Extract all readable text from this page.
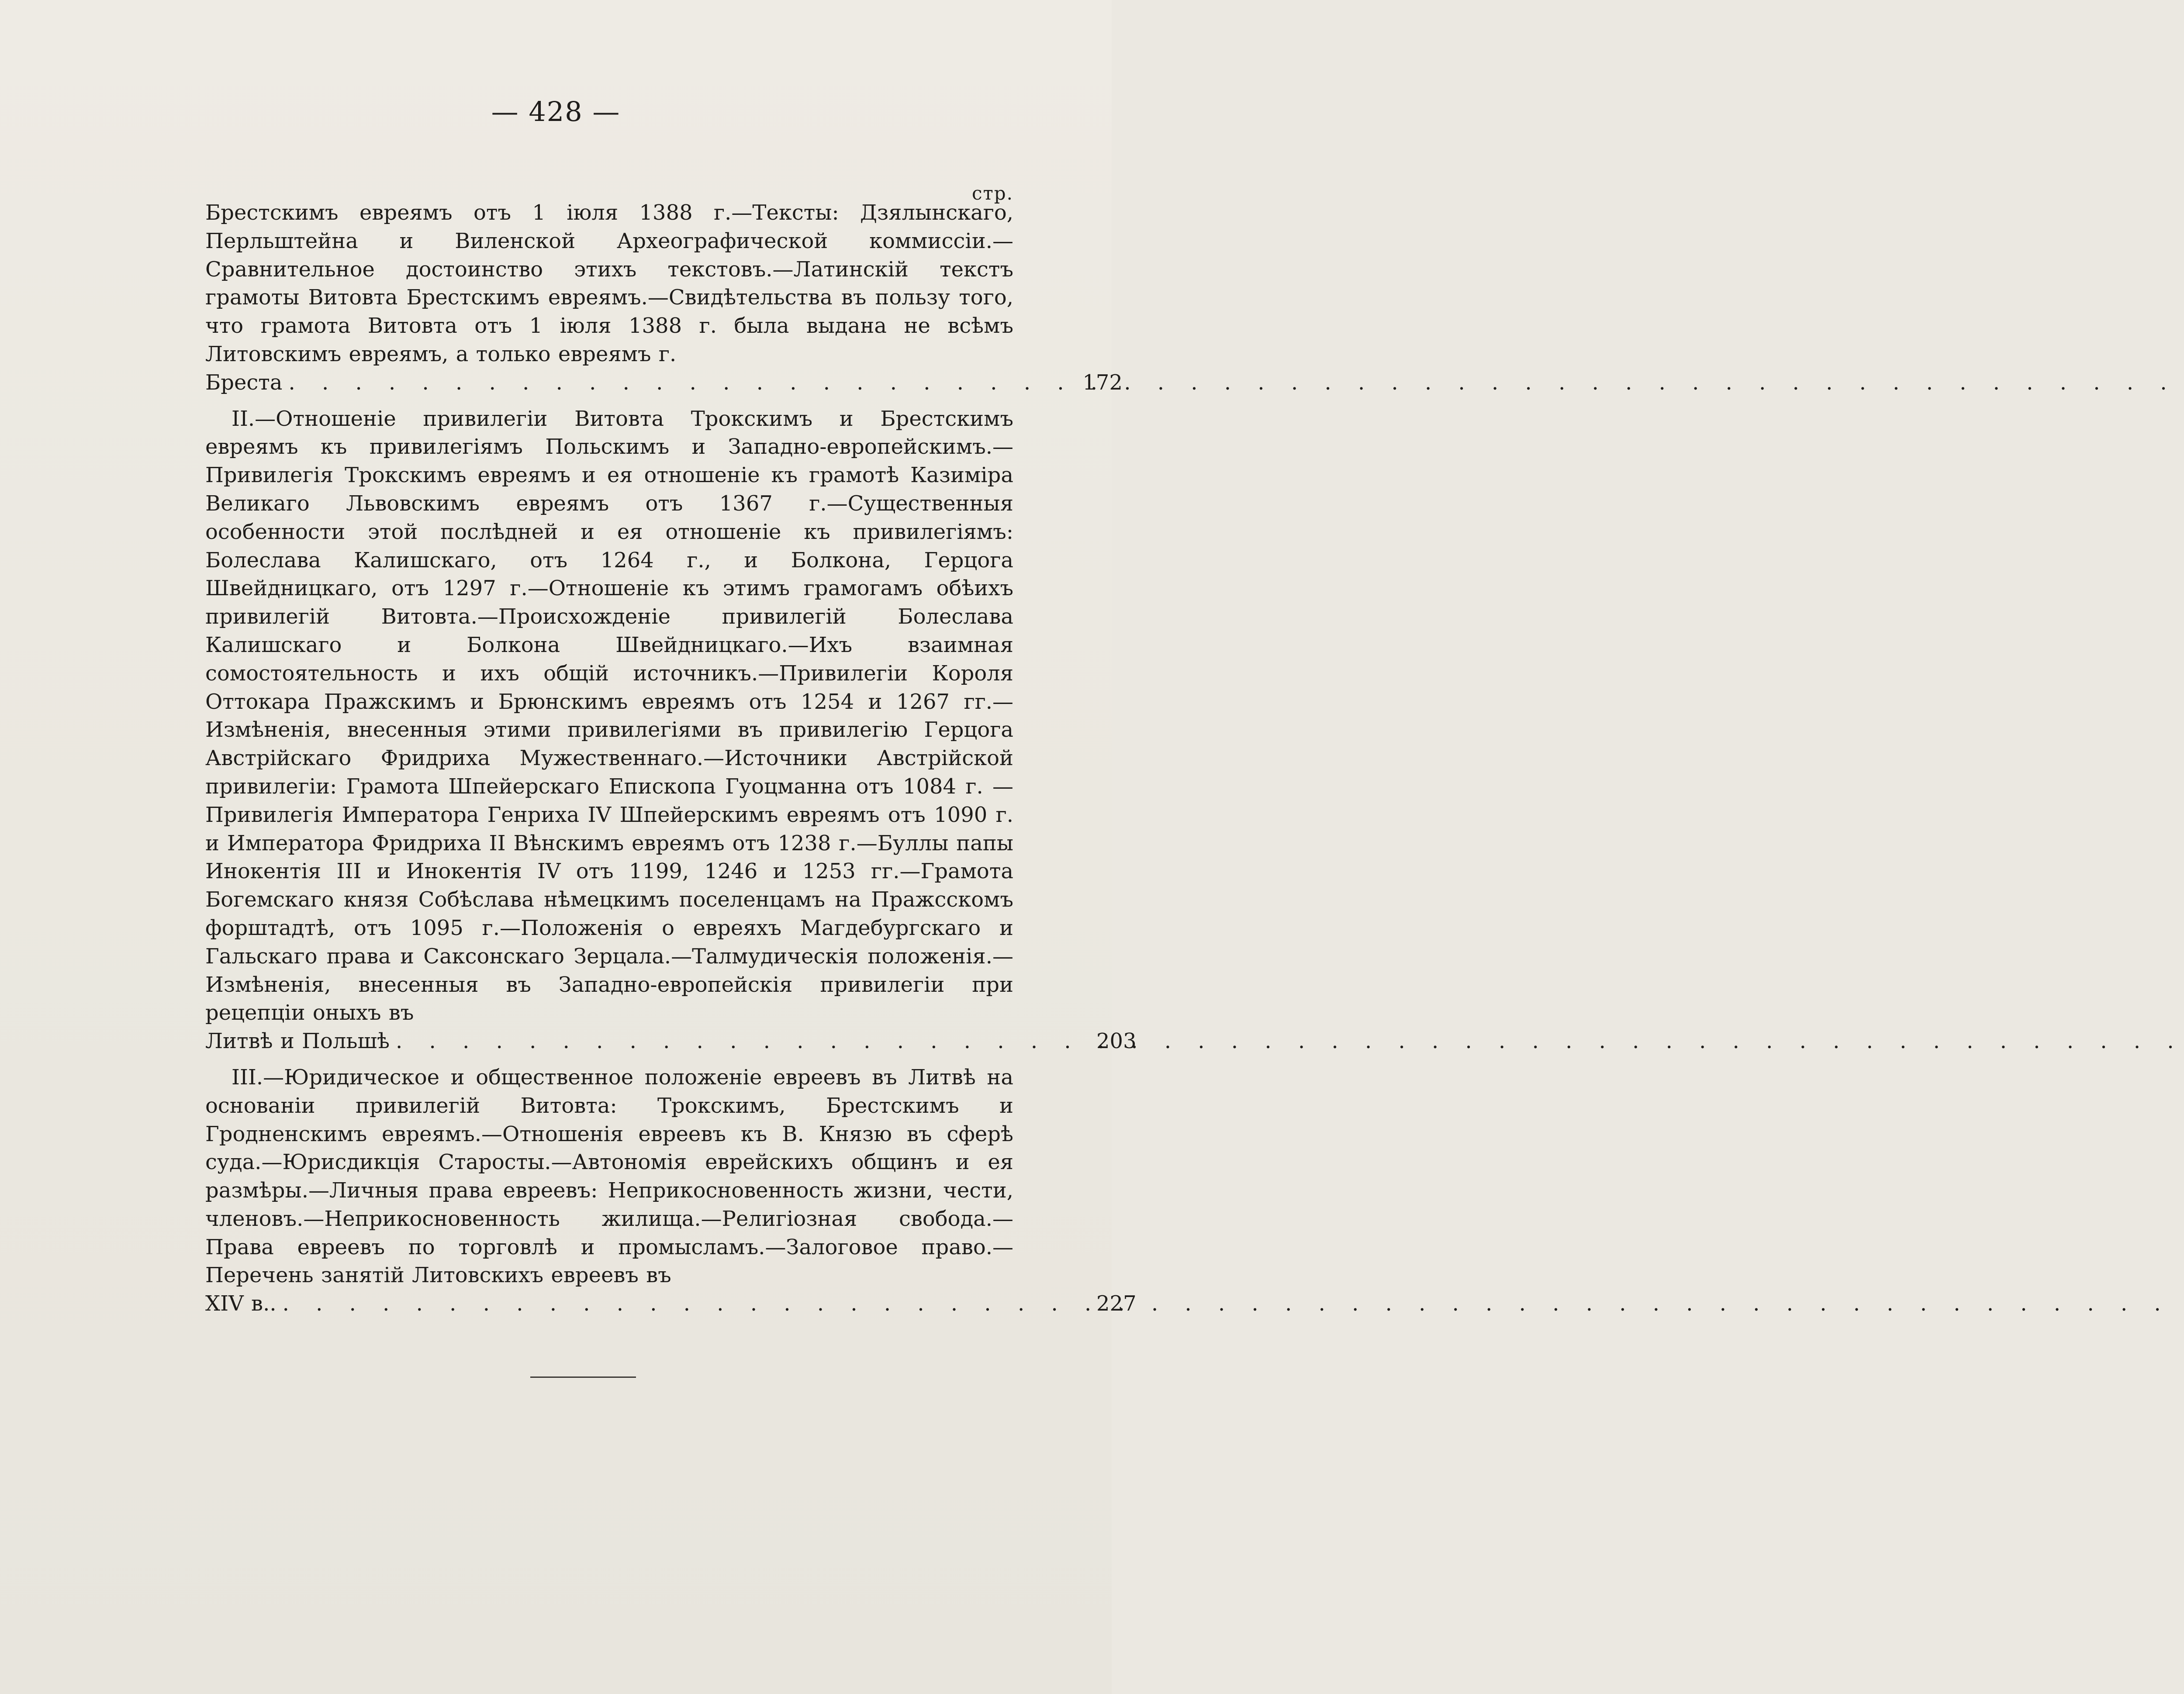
— 428 —
стр.

Брестскимъ евреямъ отъ 1 іюля 1388 г.—Тексты: Дзялынскаго, Перльштейна и Виленской Археографической коммиссіи.—Сравнительное достоинство этихъ текстовъ.—Латинскій текстъ грамоты Витовта Брестскимъ евреямъ.—Свидѣтельства въ пользу того, что грамота Витовта отъ 1 іюля 1388 г. была выдана не всѣмъ Литовскимъ евреямъ, а только евреямъ г.

Бреста . . .	172

II.—Отношеніе привилегіи Витовта Трокскимъ и Брестскимъ евреямъ къ привилегіямъ Польскимъ и Западно-европейскимъ.—Привилегія Трокскимъ евреямъ и ея отношеніе къ грамотѣ Казиміра Великаго Львовскимъ евреямъ отъ 1367 г.—Существенныя особенности этой послѣдней и ея отношеніе къ привилегіямъ: Болеслава Калишскаго, отъ 1264 г., и Болкона, Герцога Швейдницкаго, отъ 1297 г.—Отношеніе къ этимъ грамогамъ обѣихъ привилегій Витовта.—Происхожденіе привилегій Болеслава Калишскаго и Болкона Швейдницкаго.—Ихъ взаимная сомостоятельность и ихъ общій источникъ.—Привилегіи Короля Оттокара Пражскимъ и Брюнскимъ евреямъ отъ 1254 и 1267 гг.—Измѣненія, внесенныя этими привилегіями въ привилегію Герцога Австрійскаго Фридриха Мужественнаго.—Источники Австрійской привилегіи: Грамота Шпейерскаго Епископа Гуоцманна отъ 1084 г. — Привилегія Императора Генриха IV Шпейерскимъ евреямъ отъ 1090 г. и Императора Фридриха II Вѣнскимъ евреямъ отъ 1238 г.—Буллы папы Инокентія III и Инокентія IV отъ 1199, 1246 и 1253 гг.—Грамота Богемскаго князя Собѣслава нѣмецкимъ поселенцамъ на Пражсскомъ форштадтѣ, отъ 1095 г.—Положенія о евреяхъ Магдебургскаго и Гальскаго права и Саксонскаго Зерцала.—Талмудическія положенія.—Измѣненія, внесенныя въ Западно-европейскія привилегіи при рецепціи оныхъ въ

Литвѣ и Польшѣ . . .	203

III.—Юридическое и общественное положеніе евреевъ въ Литвѣ на основаніи привилегій Витовта: Трокскимъ, Брестскимъ и Гродненскимъ евреямъ.—Отношенія евреевъ къ В. Князю въ сферѣ суда.—Юрисдикція Старосты.—Автономія еврейскихъ общинъ и ея размѣры.—Личныя права евреевъ: Неприкосновенность жизни, чести, членовъ.—Неприкосновенность жилища.—Религіозная свобода.—Права евреевъ по торговлѣ и промысламъ.—Залоговое право.—Перечень занятій Литовскихъ евреевъ въ

XIV в.. . . .	227
